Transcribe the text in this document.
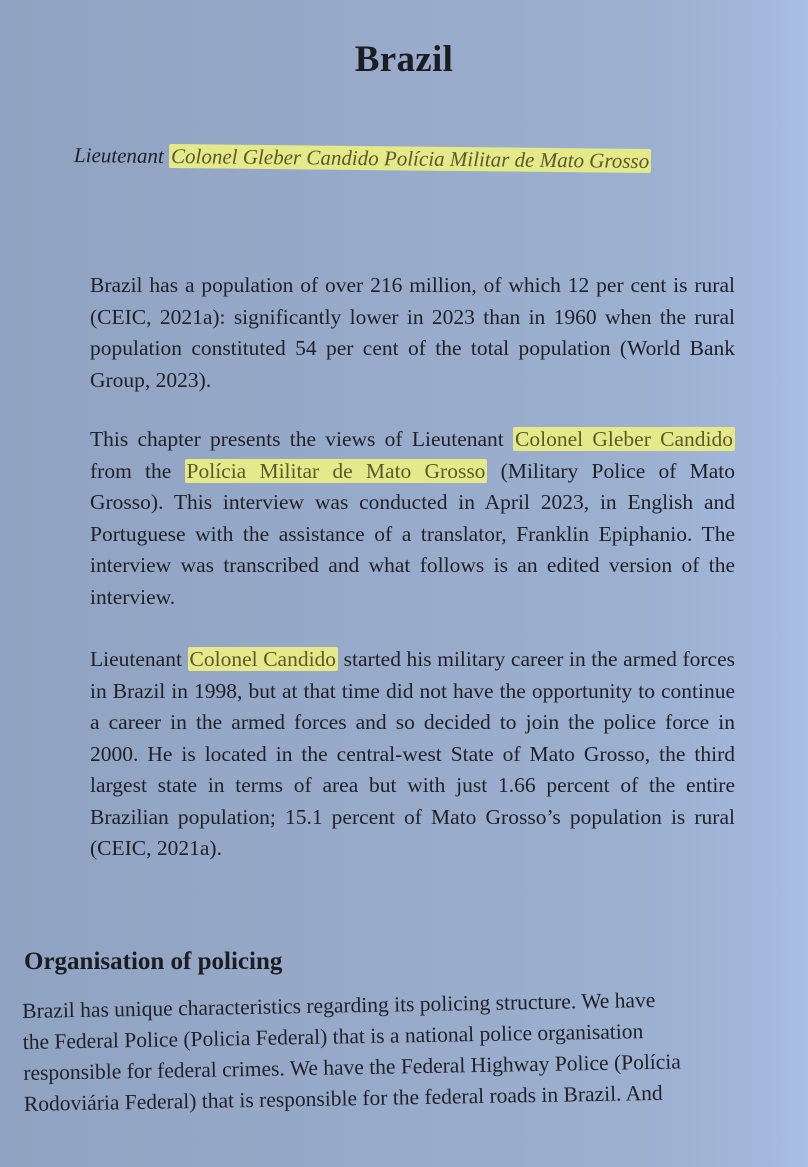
Brazil
Lieutenant Colonel Gleber Candido Polícia Militar de Mato Grosso

Brazil has a population of over 216 million, of which 12 per cent is rural (CEIC, 2021a): significantly lower in 2023 than in 1960 when the rural population constituted 54 per cent of the total population (World Bank Group, 2023).

This chapter presents the views of Lieutenant Colonel Gleber Candido from the Polícia Militar de Mato Grosso (Military Police of Mato Grosso). This interview was conducted in April 2023, in English and Portuguese with the assistance of a translator, Franklin Epiphanio. The interview was transcribed and what follows is an edited version of the interview.

Lieutenant Colonel Candido started his military career in the armed forces in Brazil in 1998, but at that time did not have the opportunity to continue a career in the armed forces and so decided to join the police force in 2000. He is located in the central-west State of Mato Grosso, the third largest state in terms of area but with just 1.66 percent of the entire Brazilian population; 15.1 percent of Mato Grosso’s population is rural (CEIC, 2021a).

Organisation of policing
Brazil has unique characteristics regarding its policing structure. We have
the Federal Police (Policia Federal) that is a national police organisation
responsible for federal crimes. We have the Federal Highway Police (Polícia
Rodoviária Federal) that is responsible for the federal roads in Brazil. And
